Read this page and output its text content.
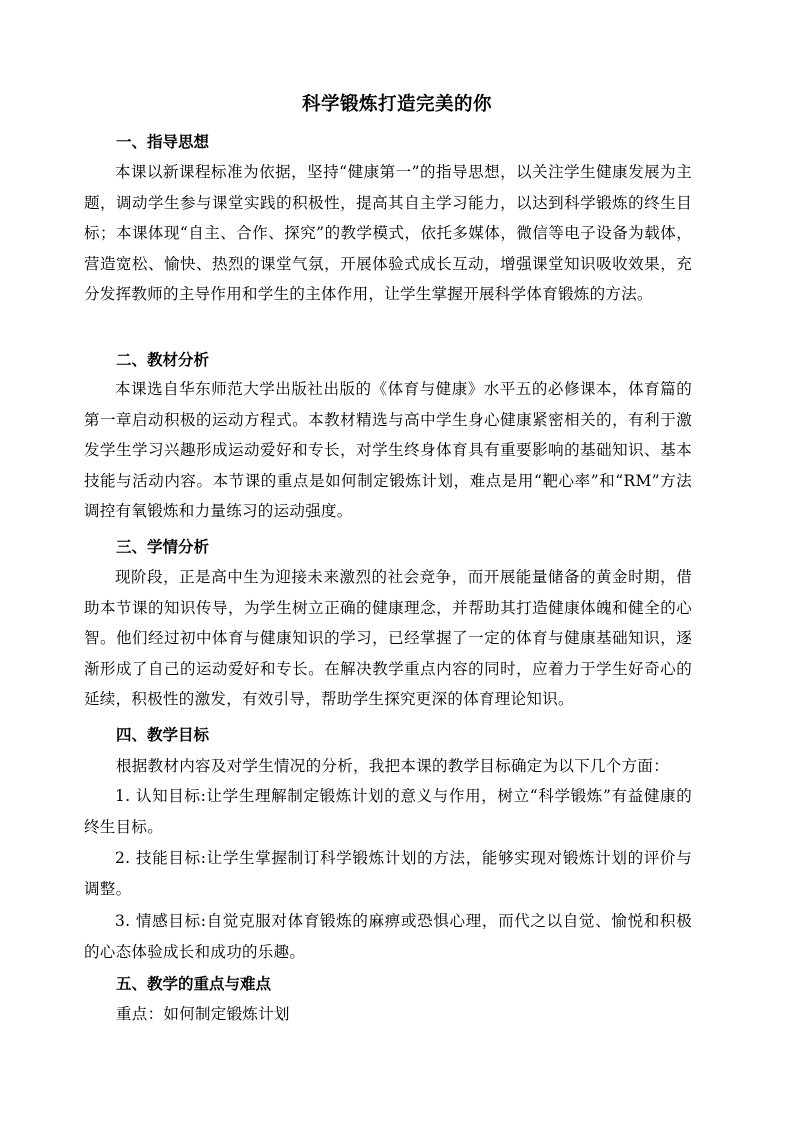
科学锻炼打造完美的你
一、指导思想
本课以新课程标准为依据，坚持“健康第一”的指导思想，以关注学生健康发展为主题，调动学生参与课堂实践的积极性，提高其自主学习能力，以达到科学锻炼的终生目标；本课体现“自主、合作、探究”的教学模式，依托多媒体，微信等电子设备为载体，营造宽松、愉快、热烈的课堂气氛，开展体验式成长互动，增强课堂知识吸收效果，充分发挥教师的主导作用和学生的主体作用，让学生掌握开展科学体育锻炼的方法。
二、教材分析
本课选自华东师范大学出版社出版的《体育与健康》水平五的必修课本，体育篇的第一章启动积极的运动方程式。本教材精选与高中学生身心健康紧密相关的，有利于激发学生学习兴趣形成运动爱好和专长，对学生终身体育具有重要影响的基础知识、基本技能与活动内容。本节课的重点是如何制定锻炼计划，难点是用“靶心率”和“RM”方法调控有氧锻炼和力量练习的运动强度。
三、学情分析
现阶段，正是高中生为迎接未来激烈的社会竞争，而开展能量储备的黄金时期，借助本节课的知识传导，为学生树立正确的健康理念，并帮助其打造健康体魄和健全的心智。他们经过初中体育与健康知识的学习，已经掌握了一定的体育与健康基础知识，逐渐形成了自己的运动爱好和专长。在解决教学重点内容的同时，应着力于学生好奇心的延续，积极性的激发，有效引导，帮助学生探究更深的体育理论知识。
四、教学目标
根据教材内容及对学生情况的分析，我把本课的教学目标确定为以下几个方面：
1. 认知目标:让学生理解制定锻炼计划的意义与作用，树立“科学锻炼”有益健康的终生目标。
2. 技能目标:让学生掌握制订科学锻炼计划的方法，能够实现对锻炼计划的评价与调整。
3. 情感目标:自觉克服对体育锻炼的麻痹或恐惧心理，而代之以自觉、愉悦和积极的心态体验成长和成功的乐趣。
五、教学的重点与难点
重点：如何制定锻炼计划
